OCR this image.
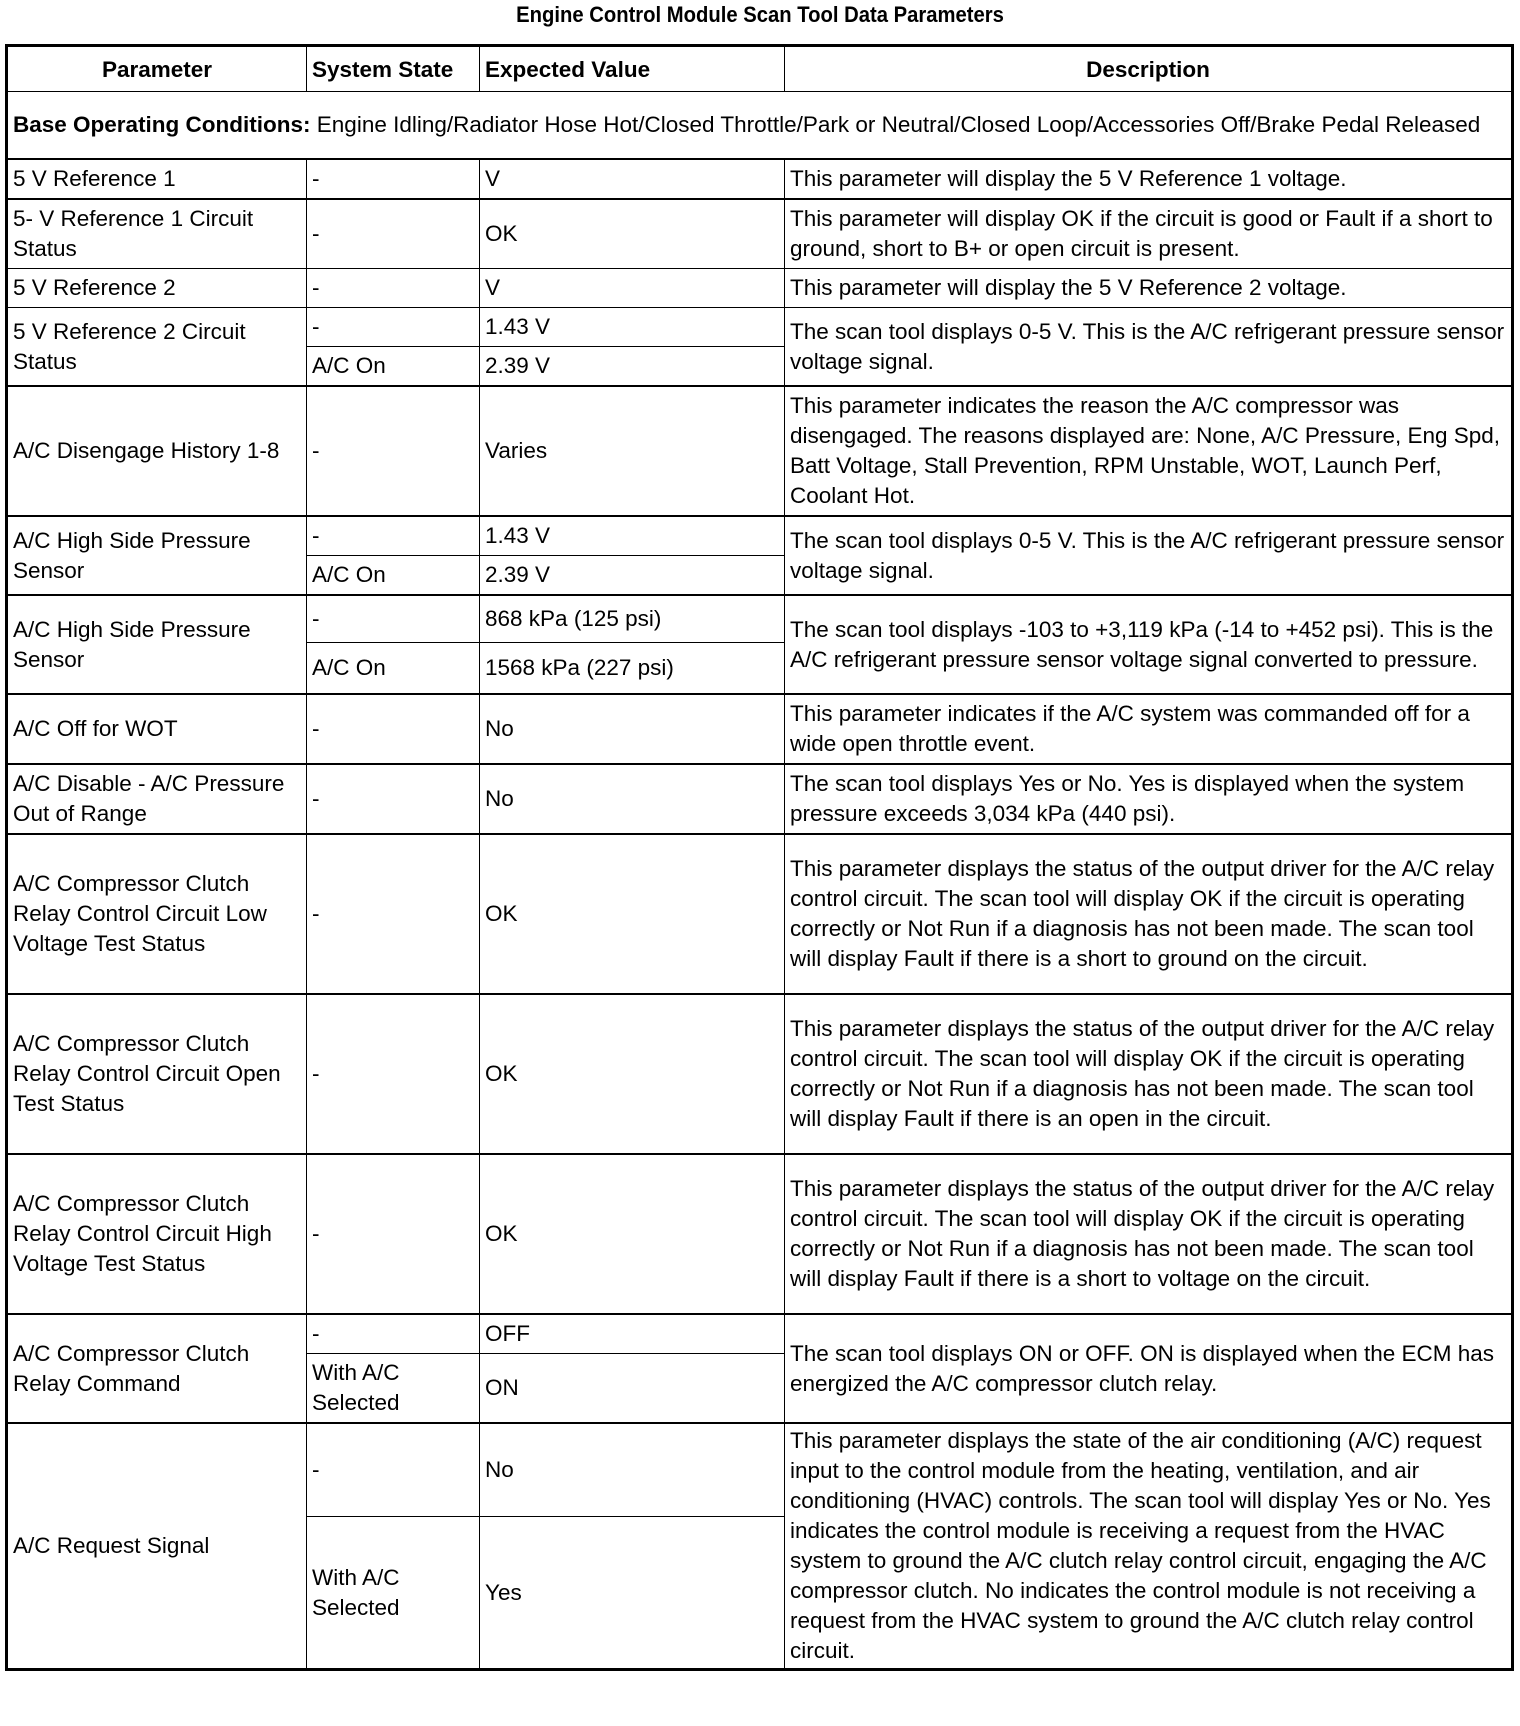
Engine Control Module Scan Tool Data Parameters
Parameter	System State	Expected Value	Description
Base Operating Conditions: Engine Idling/Radiator Hose Hot/Closed Throttle/Park or Neutral/Closed Loop/Accessories Off/Brake Pedal Released			
5 V Reference 1	-	V	This parameter will display the 5 V Reference 1 voltage.
5- V Reference 1 Circuit Status	-	OK	This parameter will display OK if the circuit is good or Fault if a short to ground, short to B+ or open circuit is present.
5 V Reference 2	-	V	This parameter will display the 5 V Reference 2 voltage.
5 V Reference 2 Circuit Status	-	1.43 V	The scan tool displays 0-5 V. This is the A/C refrigerant pressure sensor voltage signal.
	A/C On	2.39 V	
A/C Disengage History 1-8	-	Varies	This parameter indicates the reason the A/C compressor was disengaged. The reasons displayed are: None, A/C Pressure, Eng Spd, Batt Voltage, Stall Prevention, RPM Unstable, WOT, Launch Perf, Coolant Hot.
A/C High Side Pressure Sensor	-	1.43 V	The scan tool displays 0-5 V. This is the A/C refrigerant pressure sensor voltage signal.
	A/C On	2.39 V	
A/C High Side Pressure Sensor	-	868 kPa (125 psi)	The scan tool displays -103 to +3,119 kPa (-14 to +452 psi). This is the A/C refrigerant pressure sensor voltage signal converted to pressure.
	A/C On	1568 kPa (227 psi)	
A/C Off for WOT	-	No	This parameter indicates if the A/C system was commanded off for a wide open throttle event.
A/C Disable - A/C Pressure Out of Range	-	No	The scan tool displays Yes or No. Yes is displayed when the system pressure exceeds 3,034 kPa (440 psi).
A/C Compressor Clutch Relay Control Circuit Low Voltage Test Status	-	OK	This parameter displays the status of the output driver for the A/C relay control circuit. The scan tool will display OK if the circuit is operating correctly or Not Run if a diagnosis has not been made. The scan tool will display Fault if there is a short to ground on the circuit.
A/C Compressor Clutch Relay Control Circuit Open Test Status	-	OK	This parameter displays the status of the output driver for the A/C relay control circuit. The scan tool will display OK if the circuit is operating correctly or Not Run if a diagnosis has not been made. The scan tool will display Fault if there is an open in the circuit.
A/C Compressor Clutch Relay Control Circuit High Voltage Test Status	-	OK	This parameter displays the status of the output driver for the A/C relay control circuit. The scan tool will display OK if the circuit is operating correctly or Not Run if a diagnosis has not been made. The scan tool will display Fault if there is a short to voltage on the circuit.
A/C Compressor Clutch Relay Command	-	OFF	The scan tool displays ON or OFF. ON is displayed when the ECM has energized the A/C compressor clutch relay.
	With A/C Selected	ON	
A/C Request Signal	-	No	This parameter displays the state of the air conditioning (A/C) request input to the control module from the heating, ventilation, and air conditioning (HVAC) controls. The scan tool will display Yes or No. Yes indicates the control module is receiving a request from the HVAC system to ground the A/C clutch relay control circuit, engaging the A/C compressor clutch. No indicates the control module is not receiving a request from the HVAC system to ground the A/C clutch relay control circuit.
	With A/C Selected	Yes	
